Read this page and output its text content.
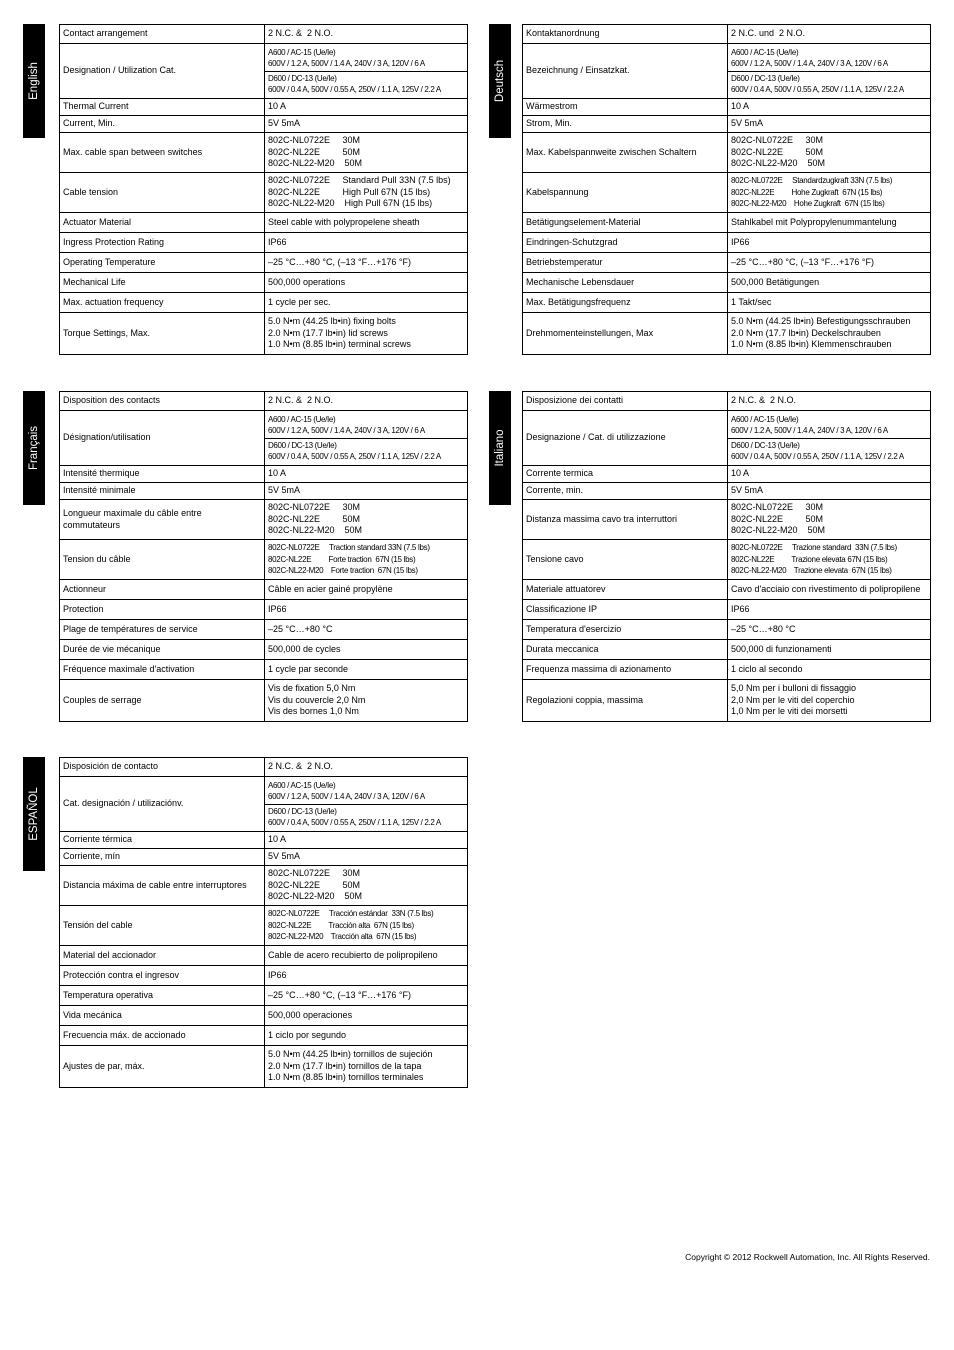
English
Contact arrangement	2 N.C. &  2 N.O.

Designation / Utilization Cat.	A600 / AC-15 (Ue/Ie)
600V / 1.2 A, 500V / 1.4 A, 240V / 3 A, 120V / 6 A
D600 / DC-13 (Ue/Ie)
600V / 0.4 A, 500V / 0.55 A, 250V / 1.1 A, 125V / 2.2 A

Thermal Current	10 A

Current, Min.	5V 5mA

Max. cable span between switches	802C-NL0722E     30M
802C-NL22E         50M
802C-NL22-M20    50M

Cable tension	802C-NL0722E     Standard Pull 33N (7.5 lbs)
802C-NL22E         High Pull 67N (15 lbs)
802C-NL22-M20    High Pull 67N (15 lbs)

Actuator Material	Steel cable with polypropelene sheath

Ingress Protection Rating	IP66

Operating Temperature	–25 °C…+80 °C, (–13 °F…+176 °F)

Mechanical Life	500,000 operations

Max. actuation frequency	1 cycle per sec.

Torque Settings, Max.	5.0 N•m (44.25 lb•in) fixing bolts
2.0 N•m (17.7 lb•in) lid screws
1.0 N•m (8.85 lb•in) terminal screws
Deutsch
Kontaktanordnung	2 N.C. und  2 N.O.

Bezeichnung / Einsatzkat.	A600 / AC-15 (Ue/Ie)
600V / 1.2 A, 500V / 1.4 A, 240V / 3 A, 120V / 6 A
D600 / DC-13 (Ue/Ie)
600V / 0.4 A, 500V / 0.55 A, 250V / 1.1 A, 125V / 2.2 A

Wärmestrom	10 A

Strom, Min.	5V 5mA

Max. Kabelspannweite zwischen Schaltern	802C-NL0722E     30M
802C-NL22E         50M
802C-NL22-M20    50M

Kabelspannung	802C-NL0722E     Standardzugkraft 33N (7.5 lbs)
802C-NL22E         Hohe Zugkraft  67N (15 lbs)
802C-NL22-M20    Hohe Zugkraft  67N (15 lbs)

Betätigungselement-Material	Stahlkabel mit Polypropylenummantelung

Eindringen-Schutzgrad	IP66

Betriebstemperatur	–25 °C…+80 °C, (–13 °F…+176 °F)

Mechanische Lebensdauer	500,000 Betätigungen

Max. Betätigungsfrequenz	1 Takt/sec

Drehmomenteinstellungen, Max	5.0 N•m (44.25 lb•in) Befestigungsschrauben
2.0 N•m (17.7 lb•in) Deckelschrauben
1.0 N•m (8.85 lb•in) Klemmenschrauben
Français
Disposition des contacts	2 N.C. &  2 N.O.

Désignation/utilisation	A600 / AC-15 (Ue/Ie)
600V / 1.2 A, 500V / 1.4 A, 240V / 3 A, 120V / 6 A
D600 / DC-13 (Ue/Ie)
600V / 0.4 A, 500V / 0.55 A, 250V / 1.1 A, 125V / 2.2 A

Intensité thermique	10 A

Intensité minimale	5V 5mA

Longueur maximale du câble entre commutateurs	802C-NL0722E     30M
802C-NL22E         50M
802C-NL22-M20    50M

Tension du câble	802C-NL0722E     Traction standard 33N (7.5 lbs)
802C-NL22E         Forte traction  67N (15 lbs)
802C-NL22-M20    Forte traction  67N (15 lbs)

Actionneur	Câble en acier gainé propylène

Protection	IP66

Plage de températures de service	–25 °C…+80 °C

Durée de vie mécanique	500,000 de cycles

Fréquence maximale d'activation	1 cycle par seconde

Couples de serrage	Vis de fixation 5,0 Nm
Vis du couvercle 2,0 Nm
Vis des bornes 1,0 Nm
Italiano
Disposizione dei contatti	2 N.C. &  2 N.O.

Designazione / Cat. di utilizzazione	A600 / AC-15 (Ue/Ie)
600V / 1.2 A, 500V / 1.4 A, 240V / 3 A, 120V / 6 A
D600 / DC-13 (Ue/Ie)
600V / 0.4 A, 500V / 0.55 A, 250V / 1.1 A, 125V / 2.2 A

Corrente termica	10 A

Corrente, min.	5V 5mA

Distanza massima cavo tra interruttori	802C-NL0722E     30M
802C-NL22E         50M
802C-NL22-M20    50M

Tensione cavo	802C-NL0722E     Trazione standard  33N (7.5 lbs)
802C-NL22E         Trazione elevata 67N (15 lbs)
802C-NL22-M20    Trazione elevata  67N (15 lbs)

Materiale attuatorev	Cavo d'acciaio con rivestimento di polipropilene

Classificazione IP	IP66

Temperatura d'esercizio	–25 °C…+80 °C

Durata meccanica	500,000 di funzionamenti

Frequenza massima di azionamento	1 ciclo al secondo

Regolazioni coppia, massima	5,0 Nm per i bulloni di fissaggio
2,0 Nm per le viti del coperchio
1,0 Nm per le viti dei morsetti
ESPAÑOL
Disposición de contacto	2 N.C. &  2 N.O.

Cat. designación / utilizaciónv.	A600 / AC-15 (Ue/Ie)
600V / 1.2 A, 500V / 1.4 A, 240V / 3 A, 120V / 6 A
D600 / DC-13 (Ue/Ie)
600V / 0.4 A, 500V / 0.55 A, 250V / 1.1 A, 125V / 2.2 A

Corriente térmica	10 A

Corriente, mín	5V 5mA

Distancia máxima de cable entre interruptores	802C-NL0722E     30M
802C-NL22E         50M
802C-NL22-M20    50M

Tensión del cable	802C-NL0722E     Tracción estándar  33N (7.5 lbs)
802C-NL22E         Tracción alta  67N (15 lbs)
802C-NL22-M20    Tracción alta  67N (15 lbs)

Material del accionador	Cable de acero recubierto de polipropileno

Protección contra el ingresov	IP66

Temperatura operativa	–25 °C…+80 °C, (–13 °F…+176 °F)

Vida mecánica	500,000 operaciones

Frecuencia máx. de accionado	1 ciclo por segundo

Ajustes de par, máx.	5.0 N•m (44.25 lb•in) tornillos de sujeción
2.0 N•m (17.7 lb•in) tornillos de la tapa
1.0 N•m (8.85 lb•in) tornillos terminales
Copyright © 2012 Rockwell Automation, Inc. All Rights Reserved.
